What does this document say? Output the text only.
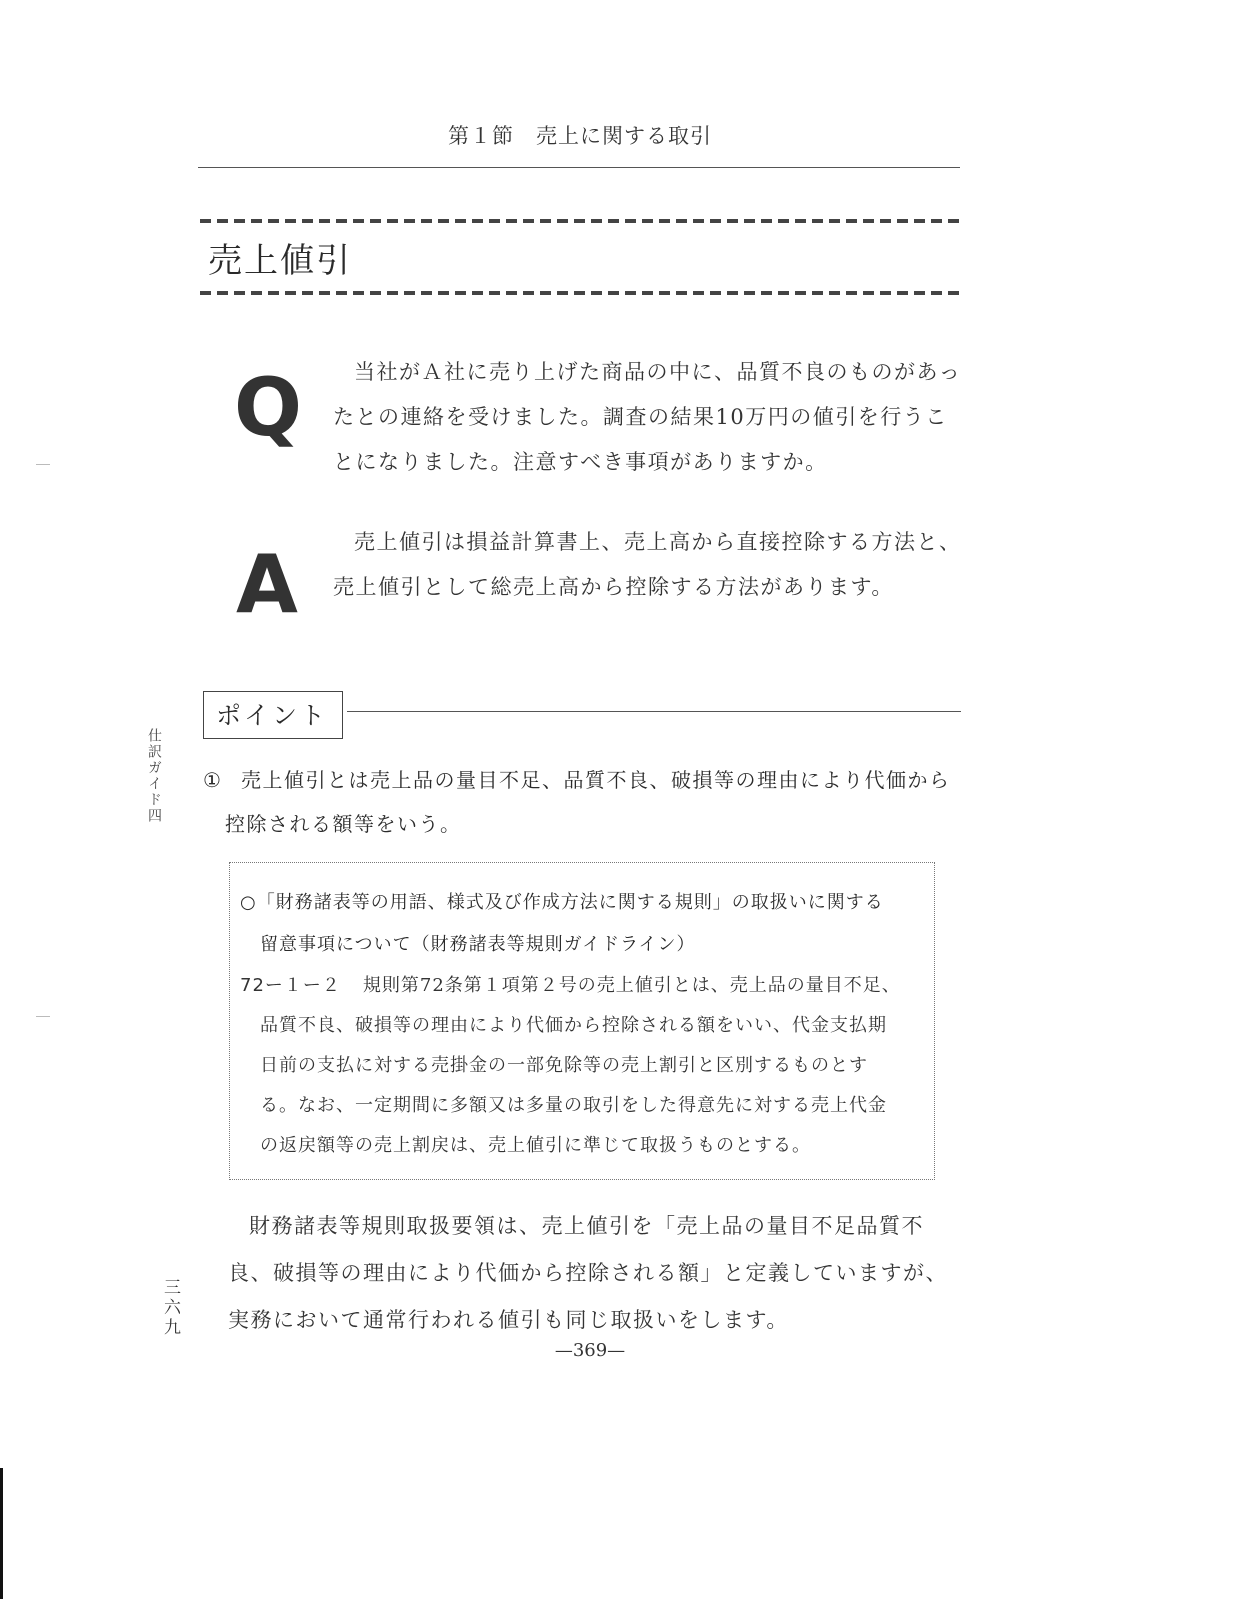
第１節　売上に関する取引
売上値引
Q	当社がＡ社に売り上げた商品の中に、品質不良のものがあったとの連絡を受けました。調査の結果10万円の値引を行うことになりました。注意すべき事項がありますか。
A	売上値引は損益計算書上、売上高から直接控除する方法と、売上値引として総売上高から控除する方法があります。
ポイント
仕訳ガイド四
三六九
① 売上値引とは売上品の量目不足、品質不良、破損等の理由により代価から
控除される額等をいう。
○「財務諸表等の用語、様式及び作成方法に関する規則」の取扱いに関する
留意事項について（財務諸表等規則ガイドライン）
72ー１ー２ 規則第72条第１項第２号の売上値引とは、売上品の量目不足、
品質不良、破損等の理由により代価から控除される額をいい、代金支払期
日前の支払に対する売掛金の一部免除等の売上割引と区別するものとす
る。なお、一定期間に多額又は多量の取引をした得意先に対する売上代金
の返戻額等の売上割戻は、売上値引に準じて取扱うものとする。
財務諸表等規則取扱要領は、売上値引を「売上品の量目不足品質不良、破損等の理由により代価から控除される額」と定義していますが、実務において通常行われる値引も同じ取扱いをします。
—369—
